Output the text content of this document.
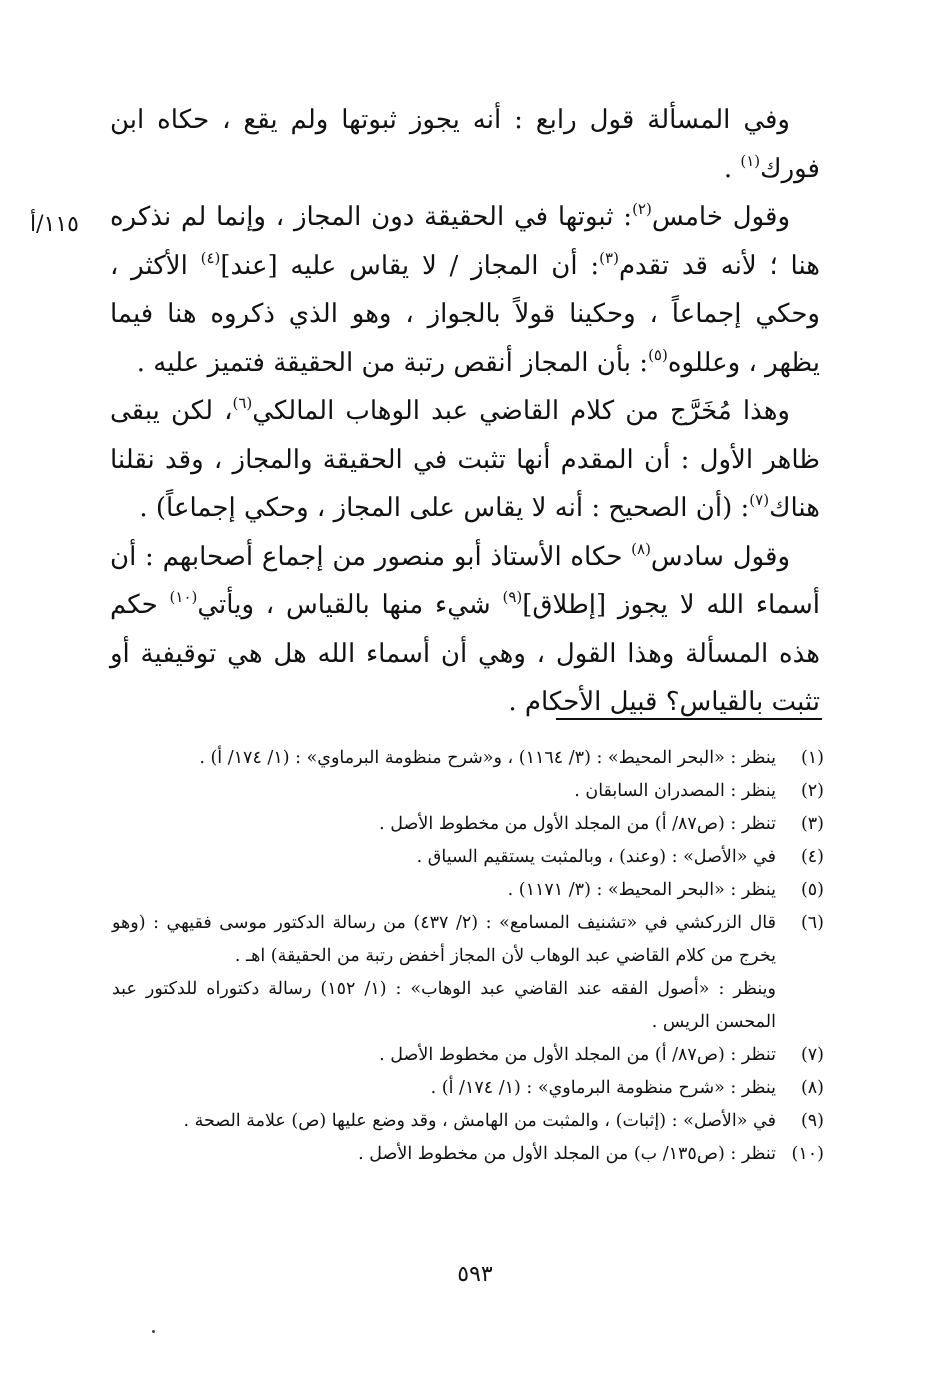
١١٥/أ

وفي المسألة قول رابع : أنه يجوز ثبوتها ولم يقع ، حكاه ابن فورك$^{(١)}$ .

وقول خامس$^{(٢)}$: ثبوتها في الحقيقة دون المجاز ، وإنما لم نذكره هنا ؛ لأنه قد تقدم$^{(٣)}$: أن المجاز / لا يقاس عليه [عند]$^{(٤)}$ الأكثر ، وحكي إجماعاً ، وحكينا قولاً بالجواز ، وهو الذي ذكروه هنا فيما يظهر ، وعللوه$^{(٥)}$: بأن المجاز أنقص رتبة من الحقيقة فتميز عليه .

وهذا مُخَرَّج من كلام القاضي عبد الوهاب المالكي$^{(٦)}$، لكن يبقى ظاهر الأول : أن المقدم أنها تثبت في الحقيقة والمجاز ، وقد نقلنا هناك$^{(٧)}$: (أن الصحيح : أنه لا يقاس على المجاز ، وحكي إجماعاً) .

وقول سادس$^{(٨)}$ حكاه الأستاذ أبو منصور من إجماع أصحابهم : أن أسماء الله لا يجوز [إطلاق]$^{(٩)}$ شيء منها بالقياس ، ويأتي$^{(١٠)}$ حكم هذه المسألة وهذا القول ، وهي أن أسماء الله هل هي توقيفية أو تثبت بالقياس؟ قبيل الأحكام .

(١)
ينظر : «البحر المحيط» : (٣/ ١١٦٤) ، و«شرح منظومة البرماوي» : (١/ ١٧٤/ أ) .
(٢)
ينظر : المصدران السابقان .
(٣)
تنظر : (ص٨٧/ أ) من المجلد الأول من مخطوط الأصل .
(٤)
في «الأصل» : (وعند) ، وبالمثبت يستقيم السياق .
(٥)
ينظر : «البحر المحيط» : (٣/ ١١٧١) .
(٦)
قال الزركشي في «تشنيف المسامع» : (٢/ ٤٣٧) من رسالة الدكتور موسى فقيهي : (وهو يخرج من كلام القاضي عبد الوهاب لأن المجاز أخفض رتبة من الحقيقة) اهـ .
وينظر : «أصول الفقه عند القاضي عبد الوهاب» : (١/ ١٥٢) رسالة دكتوراه للدكتور عبد المحسن الريس .
(٧)
تنظر : (ص٨٧/ أ) من المجلد الأول من مخطوط الأصل .
(٨)
ينظر : «شرح منظومة البرماوي» : (١/ ١٧٤/ أ) .
(٩)
في «الأصل» : (إثبات) ، والمثبت من الهامش ، وقد وضع عليها (ص) علامة الصحة .
(١٠)
تنظر : (ص١٣٥/ ب) من المجلد الأول من مخطوط الأصل .
٥٩٣
